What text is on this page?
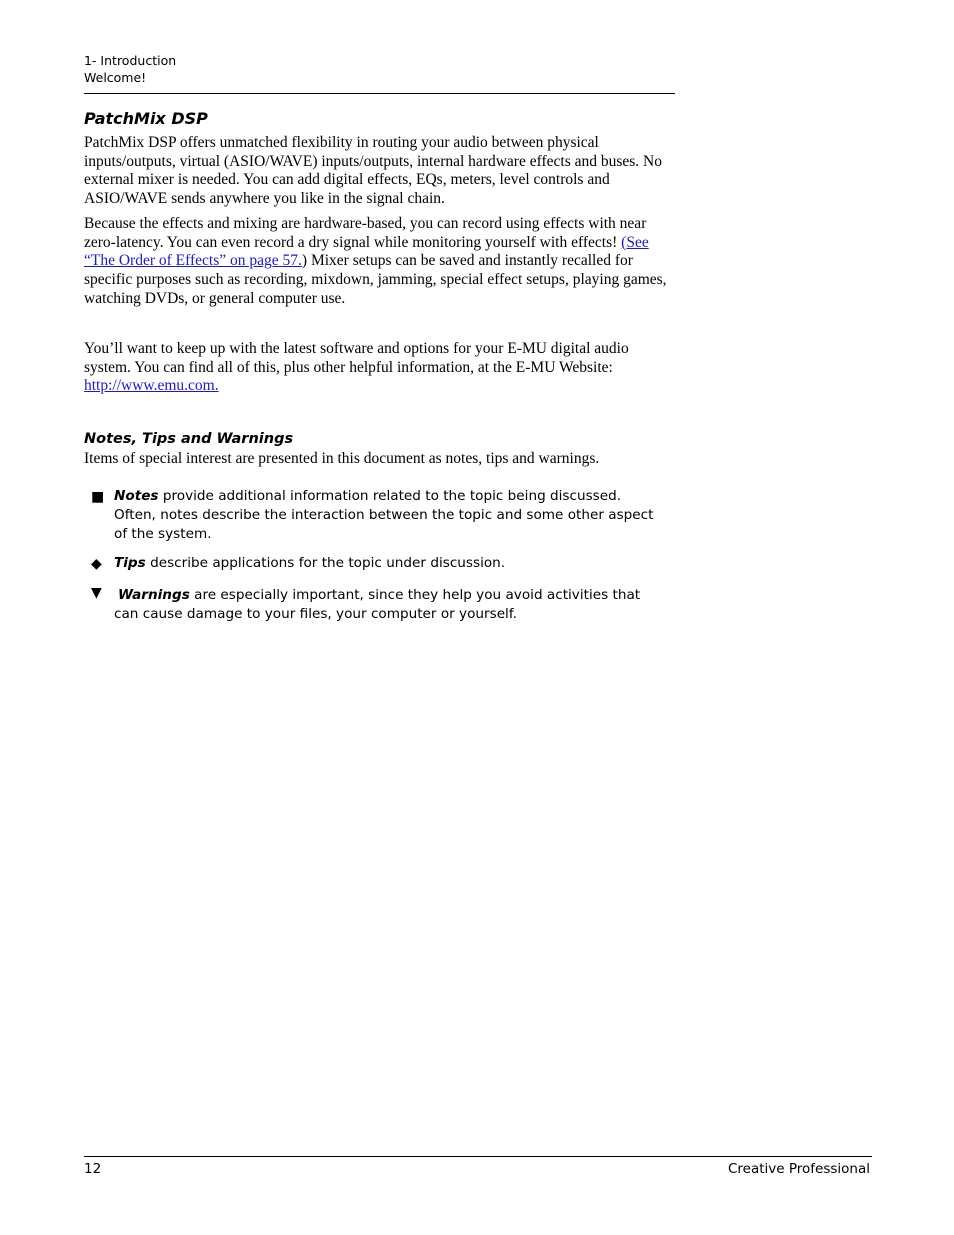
1- Introduction
Welcome!
PatchMix DSP

PatchMix DSP offers unmatched flexibility in routing your audio between physical inputs/outputs, virtual (ASIO/WAVE) inputs/outputs, internal hardware effects and buses. No external mixer is needed. You can add digital effects, EQs, meters, level controls and ASIO/WAVE sends anywhere you like in the signal chain.

Because the effects and mixing are hardware-based, you can record using effects with near zero-latency. You can even record a dry signal while monitoring yourself with effects! (See “The Order of Effects” on page 57.) Mixer setups can be saved and instantly recalled for specific purposes such as recording, mixdown, jamming, special effect setups, playing games, watching DVDs, or general computer use.

You’ll want to keep up with the latest software and options for your E-MU digital audio system. You can find all of this, plus other helpful information, at the E-MU Website: http://www.emu.com.

Notes, Tips and Warnings

Items of special interest are presented in this document as notes, tips and warnings.

■ Notes provide additional information related to the topic being discussed. Often, notes describe the interaction between the topic and some other aspect of the system.

◆ Tips describe applications for the topic under discussion.

▼ Warnings are especially important, since they help you avoid activities that can cause damage to your files, your computer or yourself.

12	Creative Professional
